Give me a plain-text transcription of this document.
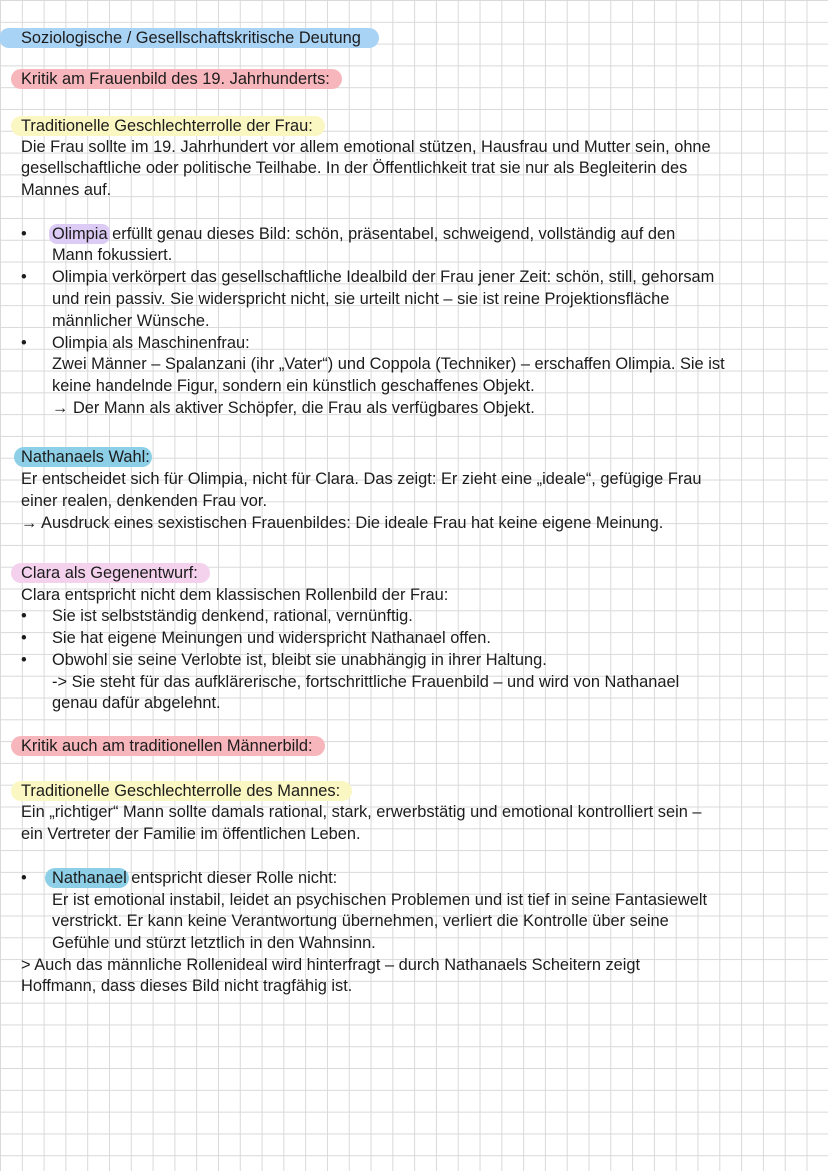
Soziologische / Gesellschaftskritische Deutung
Kritik am Frauenbild des 19. Jahrhunderts:
Traditionelle Geschlechterrolle der Frau:
Die Frau sollte im 19. Jahrhundert vor allem emotional stützen, Hausfrau und Mutter sein, ohne
gesellschaftliche oder politische Teilhabe. In der Öffentlichkeit trat sie nur als Begleiterin des
Mannes auf.
• Olimpia erfüllt genau dieses Bild: schön, präsentabel, schweigend, vollständig auf den
Mann fokussiert.
• Olimpia verkörpert das gesellschaftliche Idealbild der Frau jener Zeit: schön, still, gehorsam
und rein passiv. Sie widerspricht nicht, sie urteilt nicht – sie ist reine Projektionsfläche
männlicher Wünsche.
• Olimpia als Maschinenfrau:
Zwei Männer – Spalanzani (ihr „Vater“) und Coppola (Techniker) – erschaffen Olimpia. Sie ist
keine handelnde Figur, sondern ein künstlich geschaffenes Objekt.
→ Der Mann als aktiver Schöpfer, die Frau als verfügbares Objekt.
Nathanaels Wahl:
Er entscheidet sich für Olimpia, nicht für Clara. Das zeigt: Er zieht eine „ideale“, gefügige Frau
einer realen, denkenden Frau vor.
→ Ausdruck eines sexistischen Frauenbildes: Die ideale Frau hat keine eigene Meinung.
Clara als Gegenentwurf:
Clara entspricht nicht dem klassischen Rollenbild der Frau:
• Sie ist selbstständig denkend, rational, vernünftig.
• Sie hat eigene Meinungen und widerspricht Nathanael offen.
• Obwohl sie seine Verlobte ist, bleibt sie unabhängig in ihrer Haltung.
-> Sie steht für das aufklärerische, fortschrittliche Frauenbild – und wird von Nathanael
genau dafür abgelehnt.
Kritik auch am traditionellen Männerbild:
Traditionelle Geschlechterrolle des Mannes:
Ein „richtiger“ Mann sollte damals rational, stark, erwerbstätig und emotional kontrolliert sein –
ein Vertreter der Familie im öffentlichen Leben.
• Nathanael entspricht dieser Rolle nicht:
Er ist emotional instabil, leidet an psychischen Problemen und ist tief in seine Fantasiewelt
verstrickt. Er kann keine Verantwortung übernehmen, verliert die Kontrolle über seine
Gefühle und stürzt letztlich in den Wahnsinn.
> Auch das männliche Rollenideal wird hinterfragt – durch Nathanaels Scheitern zeigt
Hoffmann, dass dieses Bild nicht tragfähig ist.
